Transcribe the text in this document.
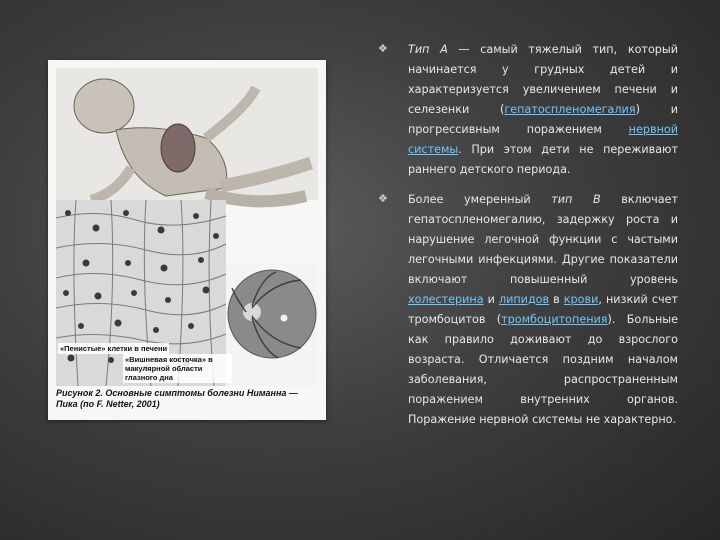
«Пенистые» клетки в печени
«Вишневая косточка» в макулярной области глазного дна
Рисунок 2. Основные симптомы болезни Ниманна — Пика (по F. Netter, 2001)
❖ Тип А — самый тяжелый тип, который начинается у грудных детей и характеризуется увеличением печени и селезенки (гепатоспленомегалия) и прогрессивным поражением нервной системы. При этом дети не переживают раннего детского периода.
❖ Более умеренный тип В включает гепатоспленомегалию, задержку роста и нарушение легочной функции с частыми легочными инфекциями. Другие показатели включают повышенный уровень холестерина и липидов в крови, низкий счет тромбоцитов (тромбоцитопения). Больные как правило доживают до взрослого возраста. Отличается поздним началом заболевания, распространенным поражением внутренних органов. Поражение нервной системы не характерно.
